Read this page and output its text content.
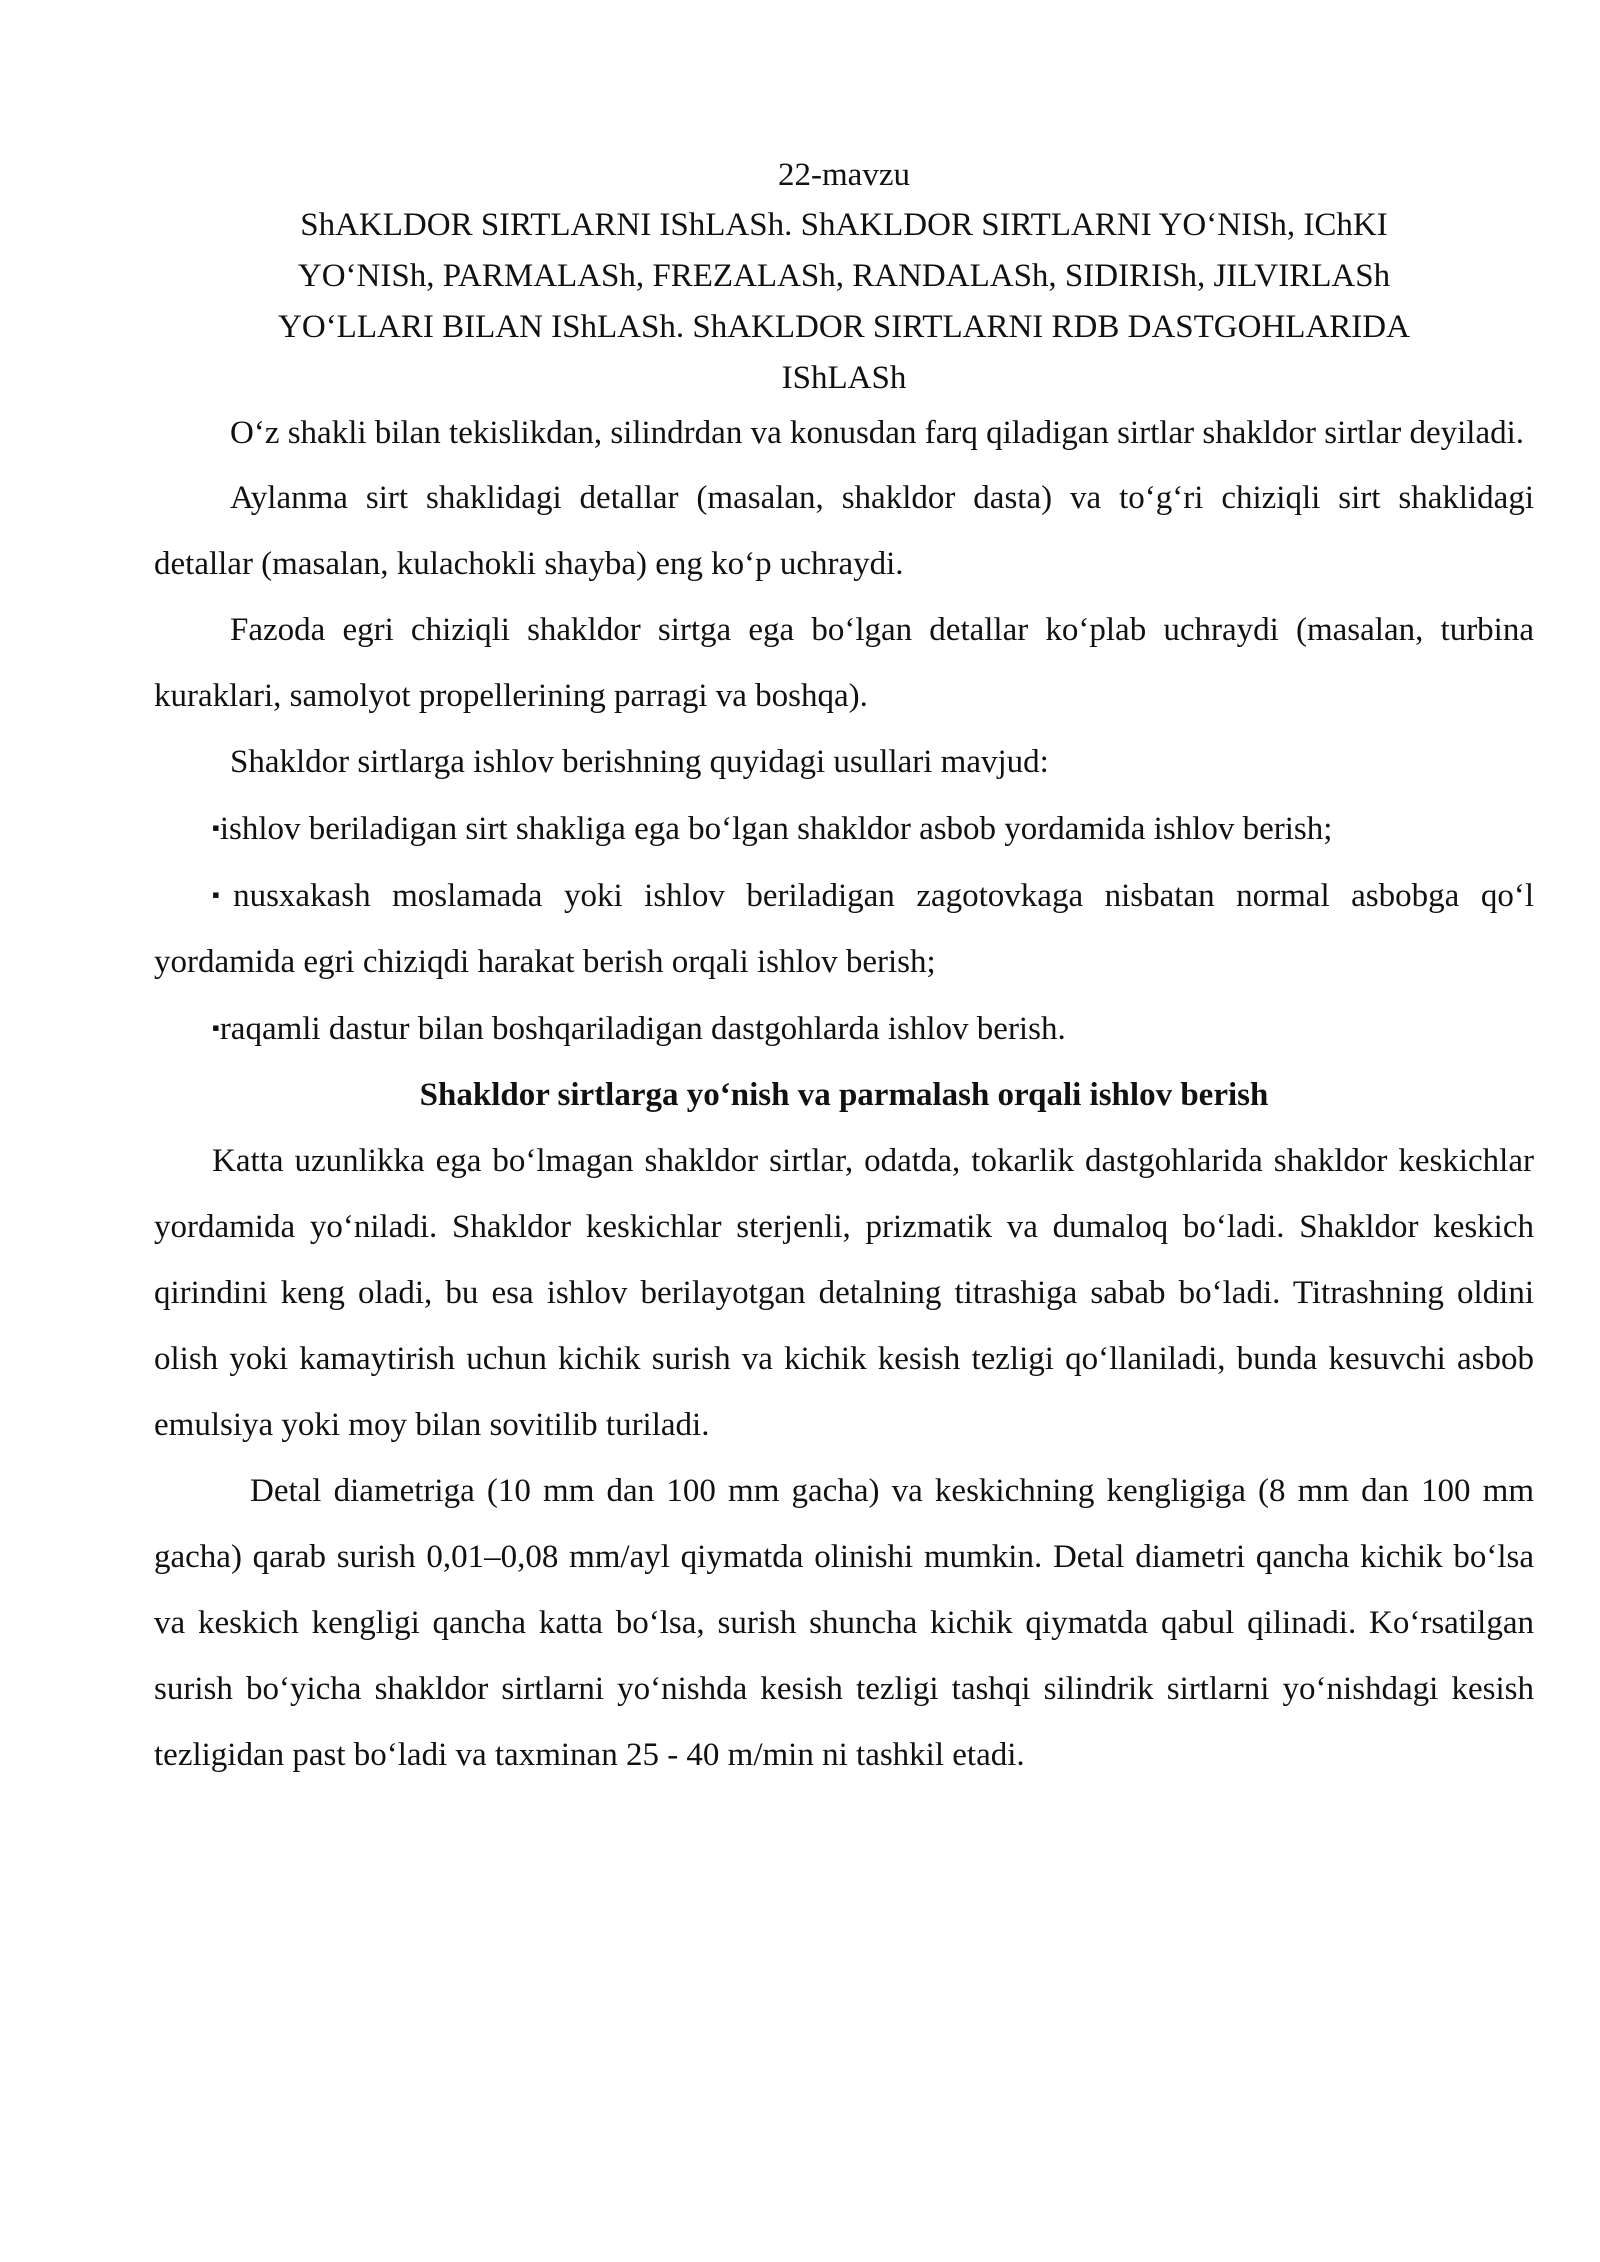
22-mavzu

ShAKLDOR SIRTLARNI IShLASh. ShAKLDOR SIRTLARNI YO‘NISh, IChKI
YO‘NISh, PARMALASh, FREZALASh, RANDALASh, SIDIRISh, JILVIRLASh
YO‘LLARI BILAN IShLASh. ShAKLDOR SIRTLARNI RDB DASTGOHLARIDA
IShLASh

O‘z shakli bilan tekislikdan, silindrdan va konusdan farq qiladigan sirtlar shakldor sirtlar deyiladi.

Aylanma sirt shaklidagi detallar (masalan, shakldor dasta) va to‘g‘ri chiziqli sirt shaklidagi detallar (masalan, kulachokli shayba) eng ko‘p uchraydi.

Fazoda egri chiziqli shakldor sirtga ega bo‘lgan detallar ko‘plab uchraydi (masalan, turbina kuraklari, samolyot propellerining parragi va boshqa).

Shakldor sirtlarga ishlov berishning quyidagi usullari mavjud:

▪ishlov beriladigan sirt shakliga ega bo‘lgan shakldor asbob yordamida ishlov berish;

▪nusxakash moslamada yoki ishlov beriladigan zagotovkaga nisbatan normal asbobga qo‘l yordamida egri chiziqdi harakat berish orqali ishlov berish;

▪raqamli dastur bilan boshqariladigan dastgohlarda ishlov berish.

Shakldor sirtlarga yo‘nish va parmalash orqali ishlov berish

Katta uzunlikka ega bo‘lmagan shakldor sirtlar, odatda, tokarlik dastgohlarida shakldor keskichlar yordamida yo‘niladi. Shakldor keskichlar sterjenli, prizmatik va dumaloq bo‘ladi. Shakldor keskich qirindini keng oladi, bu esa ishlov berilayotgan detalning titrashiga sabab bo‘ladi. Titrashning oldini olish yoki kamaytirish uchun kichik surish va kichik kesish tezligi qo‘llaniladi, bunda kesuvchi asbob emulsiya yoki moy bilan sovitilib turiladi.

Detal diametriga (10 mm dan 100 mm gacha) va keskichning kengligiga (8 mm dan 100 mm gacha) qarab surish 0,01–0,08 mm/ayl qiymatda olinishi mumkin. Detal diametri qancha kichik bo‘lsa va keskich kengligi qancha katta bo‘lsa, surish shuncha kichik qiymatda qabul qilinadi. Ko‘rsatilgan surish bo‘yicha shakldor sirtlarni yo‘nishda kesish tezligi tashqi silindrik sirtlarni yo‘nishdagi kesish tezligidan past bo‘ladi va taxminan 25 - 40 m/min ni tashkil etadi.
